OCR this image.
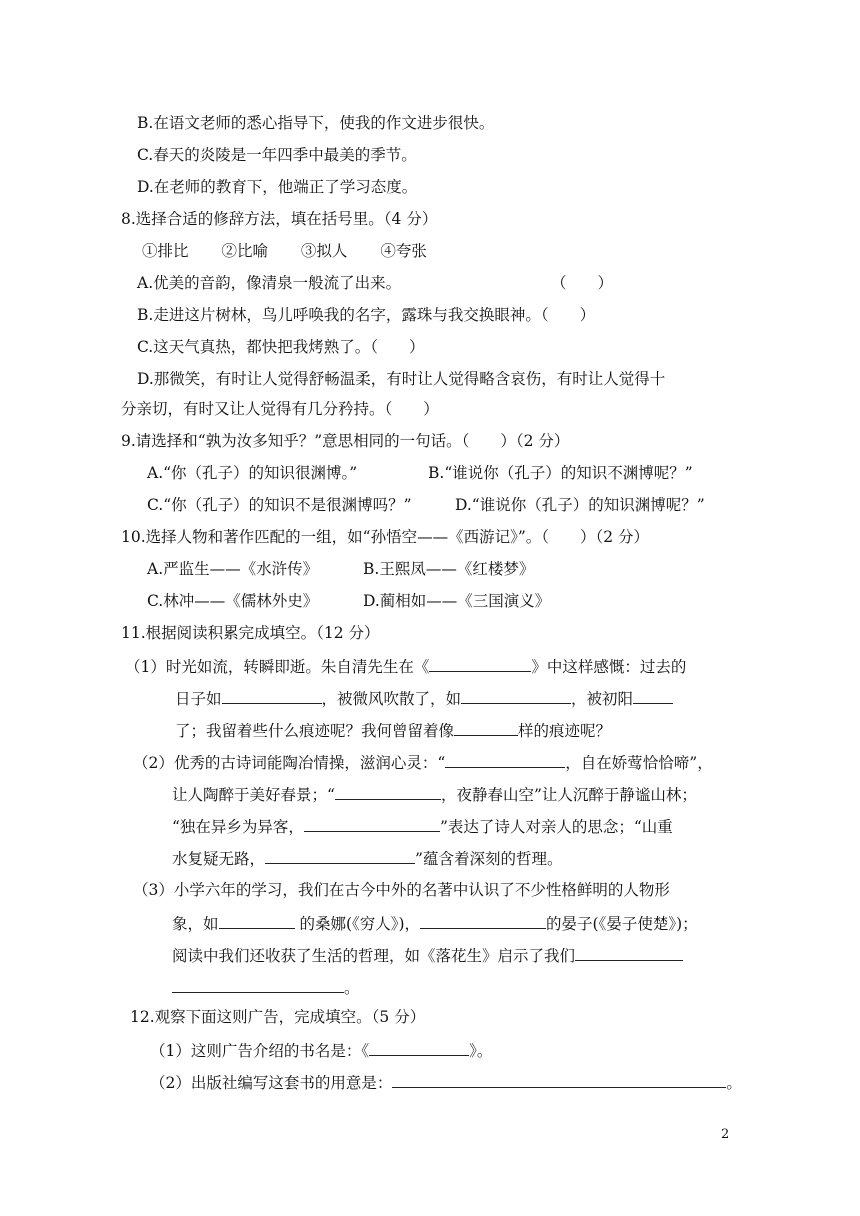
B.在语文老师的悉心指导下，使我的作文进步很快。
C.春天的炎陵是一年四季中最美的季节。
D.在老师的教育下，他端正了学习态度。
8.选择合适的修辞方法，填在括号里。（4 分）
①排比 ②比喻 ③拟人 ④夸张
A.优美的音韵，像清泉一般流了出来。	（　　）
B.走进这片树林，鸟儿呼唤我的名字，露珠与我交换眼神。（　　）
C.这天气真热，都快把我烤熟了。（　　）
D.那微笑，有时让人觉得舒畅温柔，有时让人觉得略含哀伤，有时让人觉得十
分亲切，有时又让人觉得有几分矜持。（　　）
9.请选择和“孰为汝多知乎？”意思相同的一句话。（　　）（2 分）
A.“你（孔子）的知识很渊博。”	B.“谁说你（孔子）的知识不渊博呢？”
C.“你（孔子）的知识不是很渊博吗？”	D.“谁说你（孔子）的知识渊博呢？”
10.选择人物和著作匹配的一组，如“孙悟空——《西游记》”。（　　）（2 分）
A.严监生——《水浒传》	B.王熙凤——《红楼梦》
C.林冲——《儒林外史》	D.蔺相如——《三国演义》
11.根据阅读积累完成填空。（12 分）
（1）时光如流，转瞬即逝。朱自清先生在《	》中这样感慨：过去的
日子如	，被微风吹散了，如	，被初阳
了；我留着些什么痕迹呢？我何曾留着像	样的痕迹呢？
（2）优秀的古诗词能陶冶情操，滋润心灵：“	，自在娇莺恰恰啼”，
让人陶醉于美好春景；“	，夜静春山空”让人沉醉于静谧山林；
“独在异乡为异客，	”表达了诗人对亲人的思念；“山重
水复疑无路，	”蕴含着深刻的哲理。
（3）小学六年的学习，我们在古今中外的名著中认识了不少性格鲜明的人物形
象，如	的桑娜(《穷人》)，	的晏子(《晏子使楚》)；
阅读中我们还收获了生活的哲理，如《落花生》启示了我们
。
12.观察下面这则广告，完成填空。（5 分）
（1）这则广告介绍的书名是：《	》。
（2）出版社编写这套书的用意是：	。
2
